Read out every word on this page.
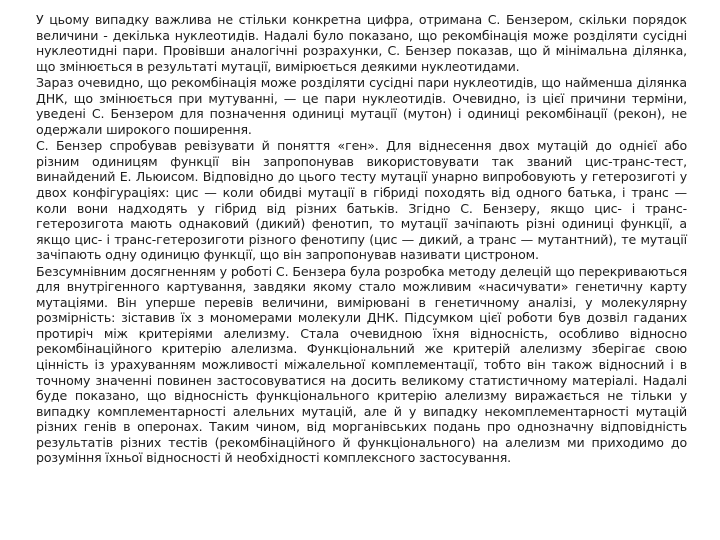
У цьому випадку важлива не стільки конкретна цифра, отримана С. Бензером, скільки порядок величини - декілька нуклеотидів. Надалі було показано, що рекомбінація може розділяти сусідні нуклеотидні пари. Провівши аналогічні розрахунки, С. Бензер показав, що й мінімальна ділянка, що змінюється в результаті мутації, вимірюється деякими нуклеотидами.

Зараз очевидно, що рекомбінація може розділяти сусідні пари нуклеотидів, що найменша ділянка ДНК, що змінюється при мутуванні, — це пари нуклеотидів. Очевидно, із цієї причини терміни, уведені С. Бензером для позначення одиниці мутації (мутон) і одиниці рекомбінації (рекон), не одержали широкого поширення.

С. Бензер спробував ревізувати й поняття «ген». Для віднесення двох мутацій до однієї або різним одиницям функції він запропонував використовувати так званий цис-транс-тест, винайдений Е. Льюисом. Відповідно до цього тесту мутації унарно випробовують у гетерозиготі у двох конфігураціях: цис — коли обидві мутації в гібриді походять від одного батька, і транс — коли вони надходять у гібрид від різних батьків. Згідно С. Бензеру, якщо цис- і транс-гетерозигота мають однаковий (дикий) фенотип, то мутації зачіпають різні одиниці функції, а якщо цис- і транс-гетерозиготи різного фенотипу (цис — дикий, а транс — мутантний), те мутації зачіпають одну одиницю функції, що він запропонував називати цистроном.

Безсумнівним досягненням у роботі С. Бензера була розробка методу делецій що перекриваються для внутрігенного картування, завдяки якому стало можливим «насичувати» генетичну карту мутаціями. Він уперше перевів величини, вимірювані в генетичному аналізі, у молекулярну розмірність: зіставив їх з мономерами молекули ДНК. Підсумком цієї роботи був дозвіл гаданих протиріч між критеріями алелизму. Стала очевидною їхня відносність, особливо відносно рекомбінаційного критерію алелизма. Функціональний же критерій алелизму зберігає свою цінність із урахуванням можливості міжалельної комплементації, тобто він також відносний і в точному значенні повинен застосовуватися на досить великому статистичному матеріалі. Надалі буде показано, що відносність функціонального критерію алелизму виражається не тільки у випадку комплементарності алельних мутацій, але й у випадку некомплементарності мутацій різних генів в оперонах. Таким чином, від морганівських подань про однозначну відповідність результатів різних тестів (рекомбінаційного й функціонального) на алелизм ми приходимо до розуміння їхньої відносності й необхідності комплексного застосування.
